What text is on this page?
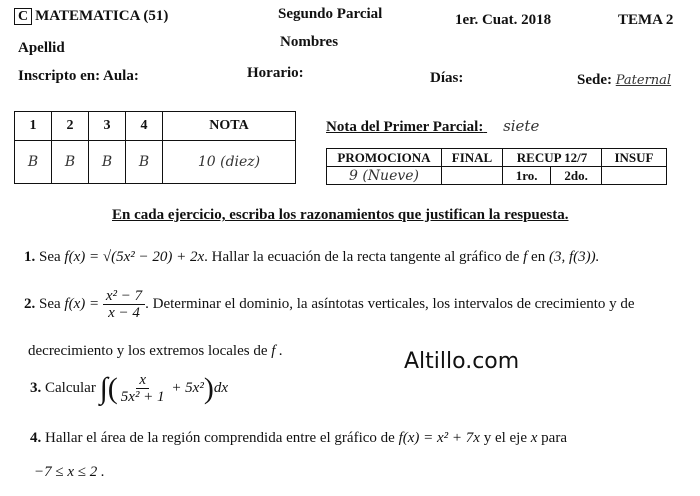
C MATEMATICA (51)	Segundo Parcial	1er. Cuat. 2018	TEMA 2
Apellid	Nombres
Inscripto en: Aula:	Horario:	Días:	Sede: Paternal
1	2	3	4	NOTA
B	B	B	B	10 (diez)
Nota del Primer Parcial: siete
PROMOCIONA	FINAL	RECUP 12/7		INSUF
9 (Nueve)		1ro.	2do.	
En cada ejercicio, escriba los razonamientos que justifican la respuesta.
1. Sea f(x) = √(5x² − 20) + 2x. Hallar la ecuación de la recta tangente al gráfico de f en (3, f(3)).
2.
Sea
f(x) =
$\frac{\text{x² − 7}}{x - 4}$ . Determinar el dominio, la asíntotas verticales, los intervalos de crecimiento y de
decrecimiento y los extremos locales de f .	Altillo.com
3.
Calcular
∫ ( $\frac{x}{\text{5x² + 1}}$
+ 5x² ) dx
4. Hallar el área de la región comprendida entre el gráfico de f(x) = x² + 7x y el eje x para
−7 ≤ x ≤ 2 .
